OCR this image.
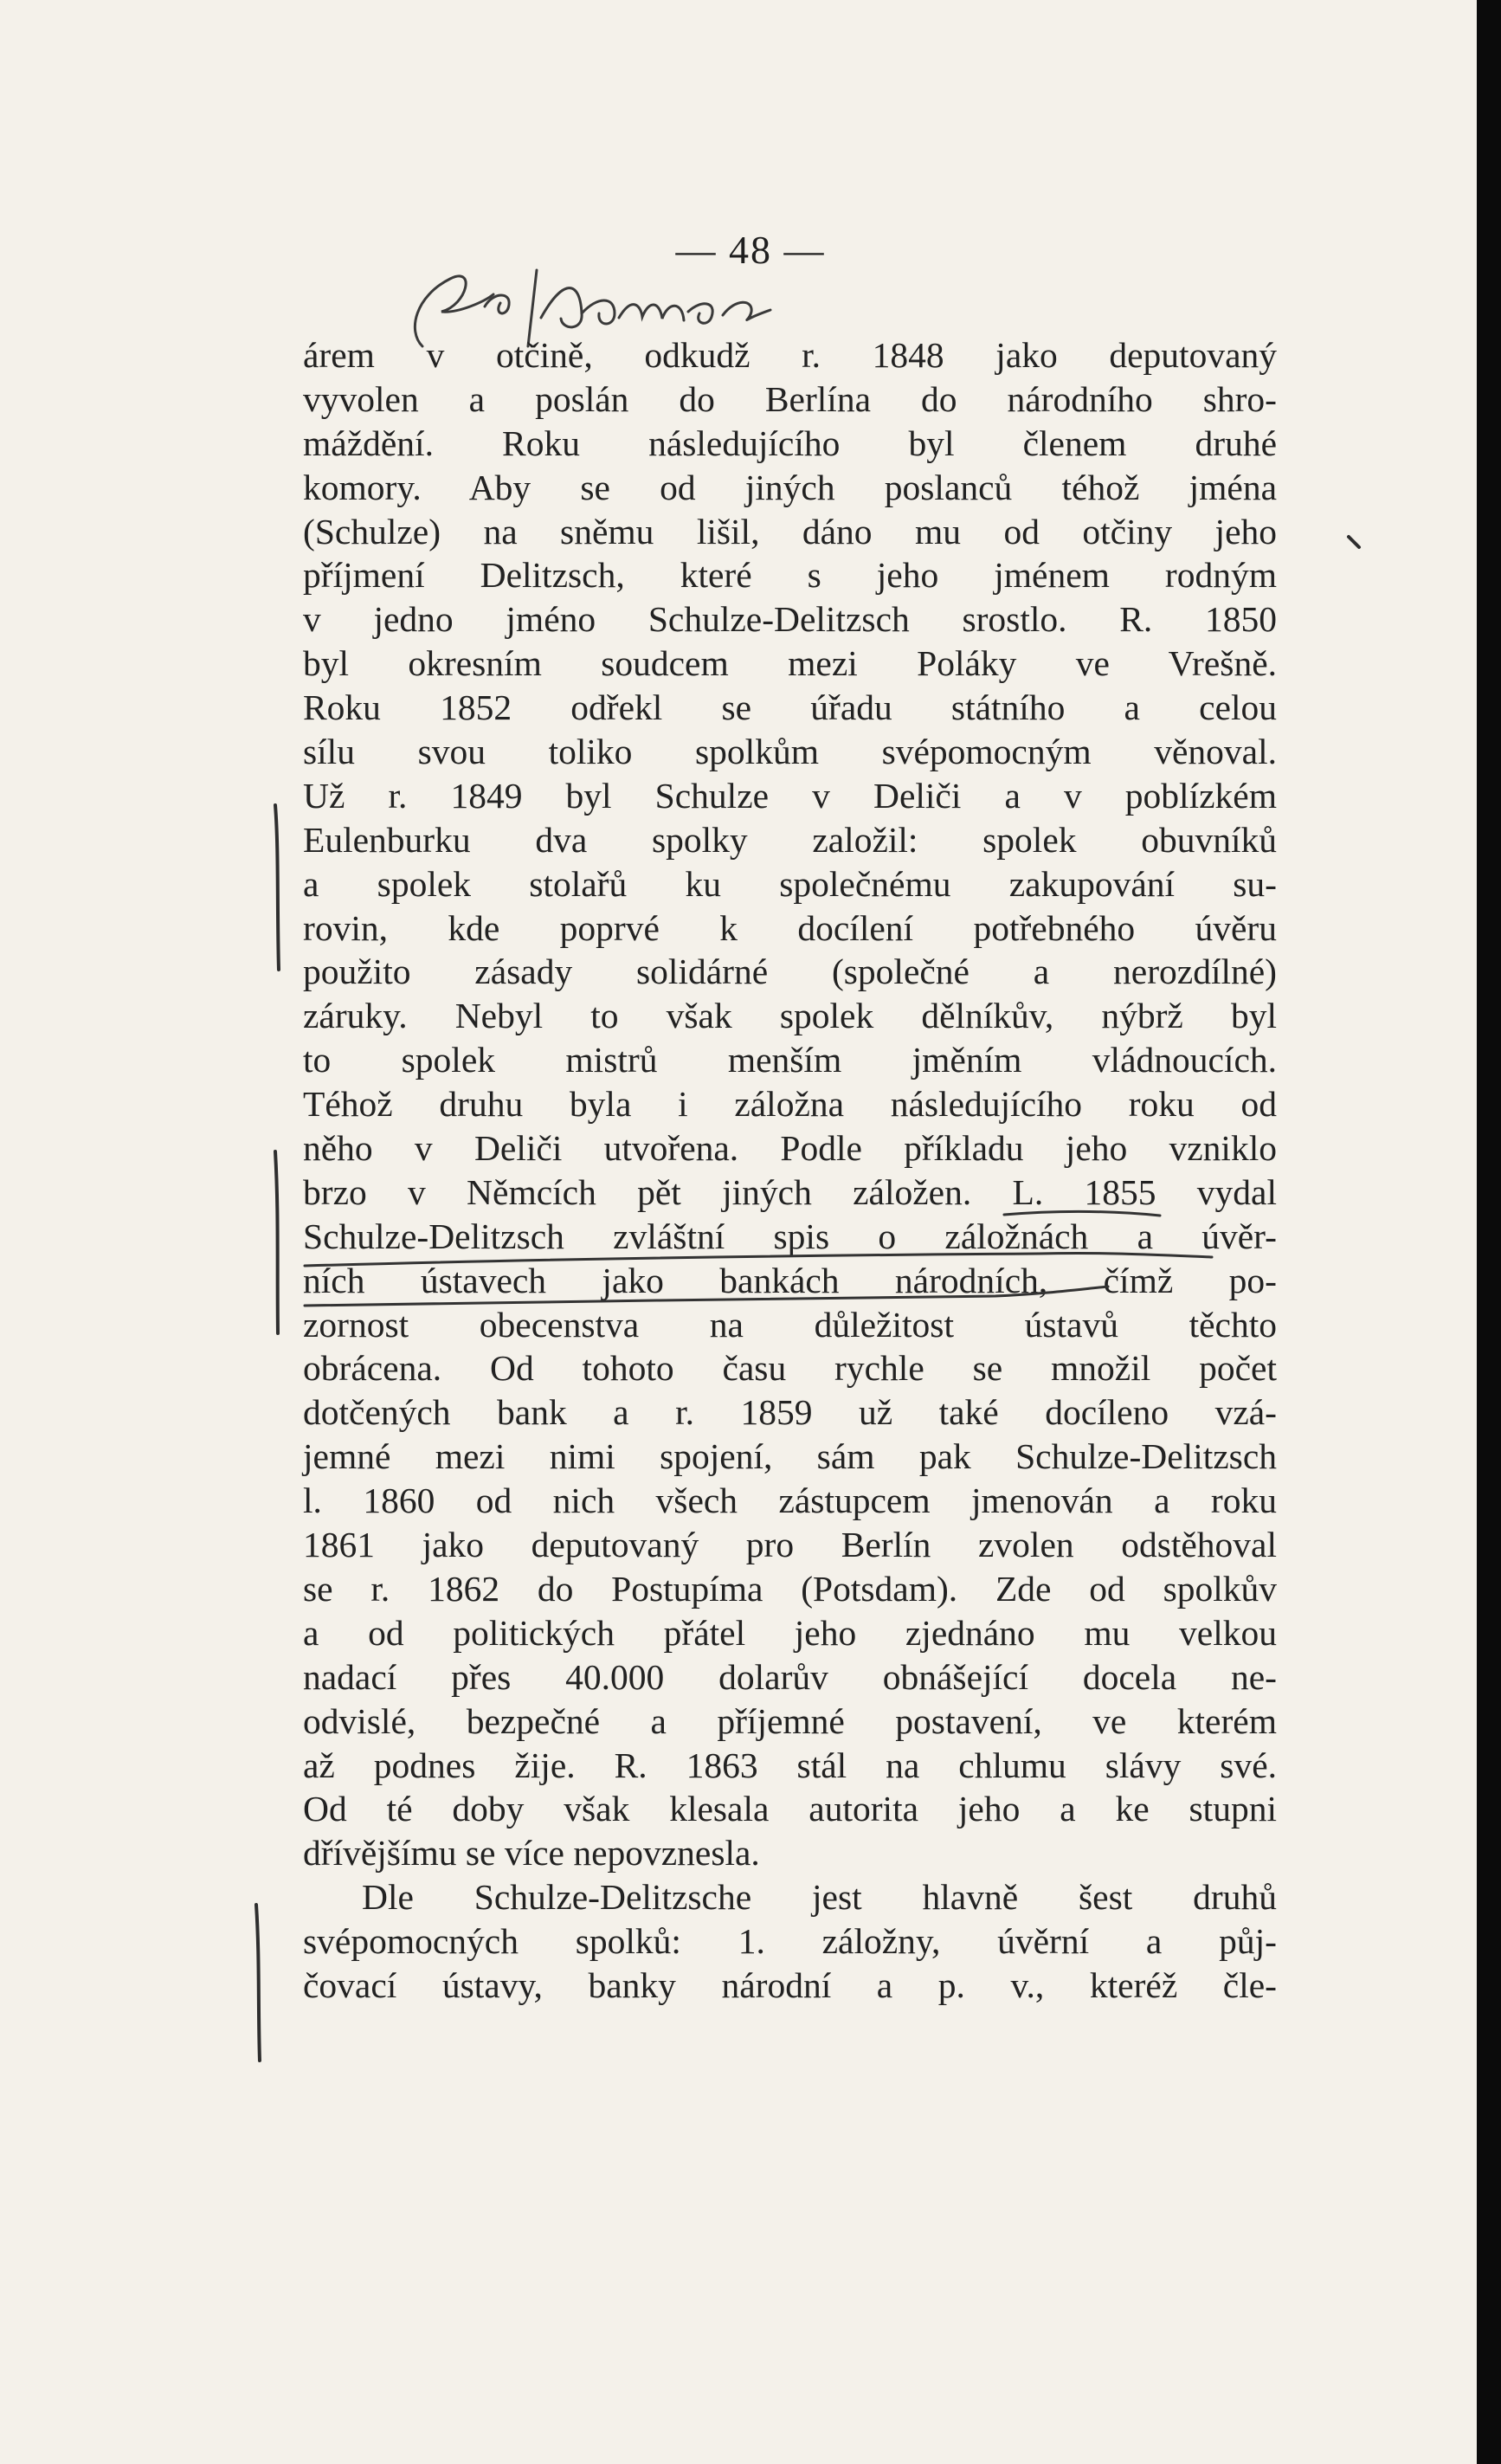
— 48 —
árem v otčině, odkudž r. 1848 jako deputovaný
vyvolen a poslán do Berlína do národního shro-
máždění. Roku následujícího byl členem druhé
komory. Aby se od jiných poslanců téhož jména
(Schulze) na sněmu lišil, dáno mu od otčiny jeho
příjmení Delitzsch, které s jeho jménem rodným
v jedno jméno Schulze-Delitzsch srostlo. R. 1850
byl okresním soudcem mezi Poláky ve Vrešně.
Roku 1852 odřekl se úřadu státního a celou
sílu svou toliko spolkům svépomocným věnoval.
Už r. 1849 byl Schulze v Deliči a v poblízkém
Eulenburku dva spolky založil: spolek obuvníků
a spolek stolařů ku společnému zakupování su-
rovin, kde poprvé k docílení potřebného úvěru
použito zásady solidárné (společné a nerozdílné)
záruky. Nebyl to však spolek dělníkův, nýbrž byl
to spolek mistrů menším jměním vládnoucích.
Téhož druhu byla i záložna následujícího roku od
něho v Deliči utvořena. Podle příkladu jeho vzniklo
brzo v Němcích pět jiných záložen. L. 1855 vydal
Schulze-Delitzsch zvláštní spis o záložnách a úvěr-
ních ústavech jako bankách národních, čímž po-
zornost obecenstva na důležitost ústavů těchto
obrácena. Od tohoto času rychle se množil počet
dotčených bank a r. 1859 už také docíleno vzá-
jemné mezi nimi spojení, sám pak Schulze-Delitzsch
l. 1860 od nich všech zástupcem jmenován a roku
1861 jako deputovaný pro Berlín zvolen odstěhoval
se r. 1862 do Postupíma (Potsdam). Zde od spolkův
a od politických přátel jeho zjednáno mu velkou
nadací přes 40.000 dolarův obnášející docela ne-
odvislé, bezpečné a příjemné postavení, ve kterém
až podnes žije. R. 1863 stál na chlumu slávy své.
Od té doby však klesala autorita jeho a ke stupni
dřívějšímu se více nepovznesla.
Dle Schulze-Delitzsche jest hlavně šest druhů
svépomocných spolků: 1. záložny, úvěrní a půj-
čovací ústavy, banky národní a p. v., kteréž čle-
